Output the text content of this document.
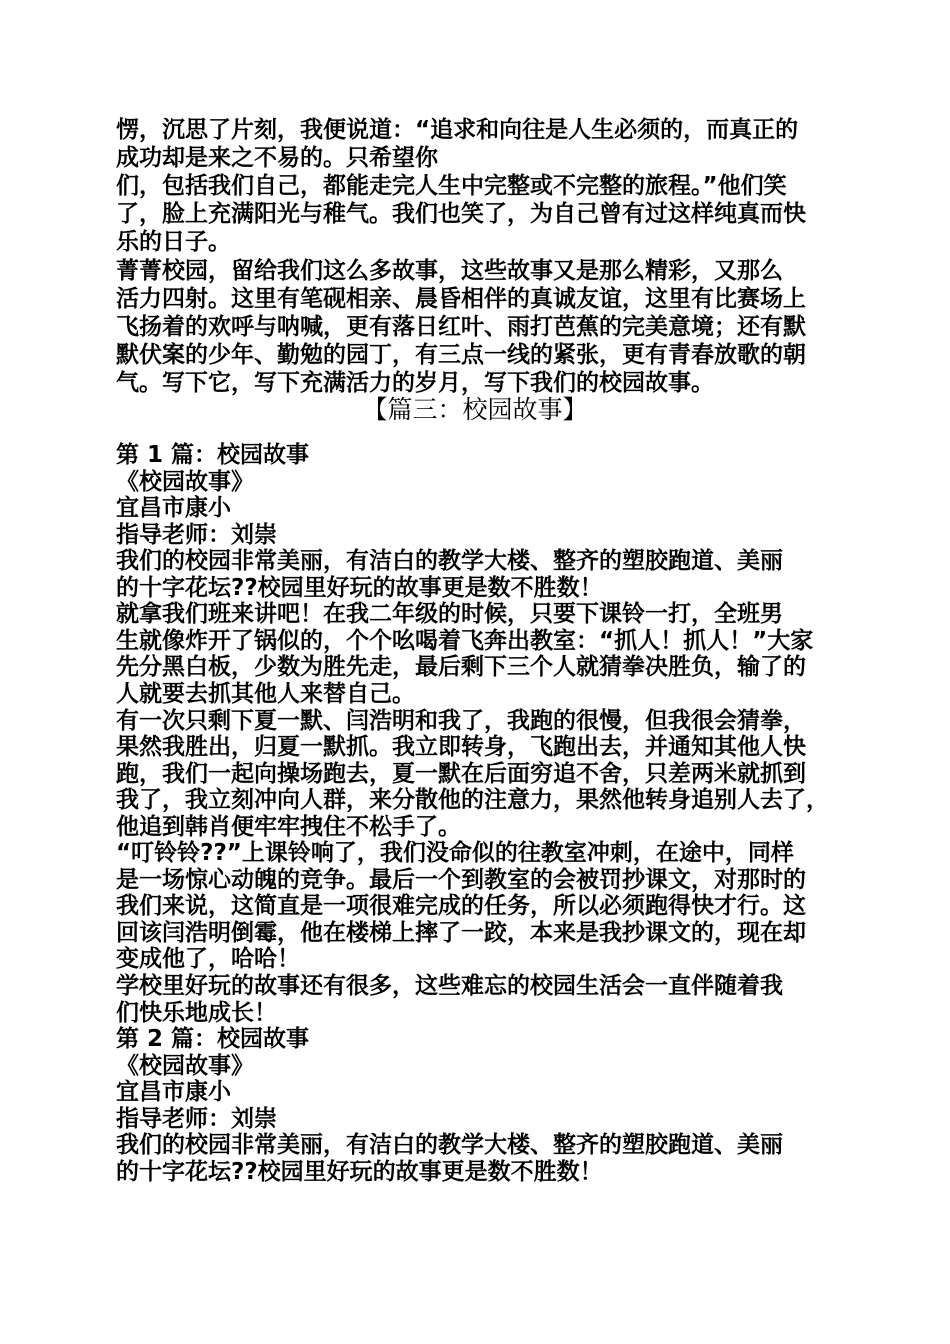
愣，沉思了片刻，我便说道：“追求和向往是人生必须的，而真正的
成功却是来之不易的。只希望你
们，包括我们自己，都能走完人生中完整或不完整的旅程。”他们笑
了，脸上充满阳光与稚气。我们也笑了，为自己曾有过这样纯真而快
乐的日子。
菁菁校园，留给我们这么多故事，这些故事又是那么精彩，又那么
活力四射。这里有笔砚相亲、晨昏相伴的真诚友谊，这里有比赛场上
飞扬着的欢呼与呐喊，更有落日红叶、雨打芭蕉的完美意境；还有默
默伏案的少年、勤勉的园丁，有三点一线的紧张，更有青春放歌的朝
气。写下它，写下充满活力的岁月，写下我们的校园故事。
【篇三：校园故事】
第 1 篇：校园故事
《校园故事》
宜昌市康小
指导老师：刘崇
我们的校园非常美丽，有洁白的教学大楼、整齐的塑胶跑道、美丽
的十字花坛??校园里好玩的故事更是数不胜数！
就拿我们班来讲吧！在我二年级的时候，只要下课铃一打，全班男
生就像炸开了锅似的，个个吆喝着飞奔出教室：“抓人！抓人！”大家
先分黑白板，少数为胜先走，最后剩下三个人就猜拳决胜负，输了的
人就要去抓其他人来替自己。
有一次只剩下夏一默、闫浩明和我了，我跑的很慢，但我很会猜拳，
果然我胜出，归夏一默抓。我立即转身，飞跑出去，并通知其他人快
跑，我们一起向操场跑去，夏一默在后面穷追不舍，只差两米就抓到
我了，我立刻冲向人群，来分散他的注意力，果然他转身追别人去了，
他追到韩肖便牢牢拽住不松手了。
“叮铃铃??”上课铃响了，我们没命似的往教室冲刺，在途中，同样
是一场惊心动魄的竞争。最后一个到教室的会被罚抄课文，对那时的
我们来说，这简直是一项很难完成的任务，所以必须跑得快才行。这
回该闫浩明倒霉，他在楼梯上摔了一跤，本来是我抄课文的，现在却
变成他了，哈哈！
学校里好玩的故事还有很多，这些难忘的校园生活会一直伴随着我
们快乐地成长！
第 2 篇：校园故事
《校园故事》
宜昌市康小
指导老师：刘崇
我们的校园非常美丽，有洁白的教学大楼、整齐的塑胶跑道、美丽
的十字花坛??校园里好玩的故事更是数不胜数！
